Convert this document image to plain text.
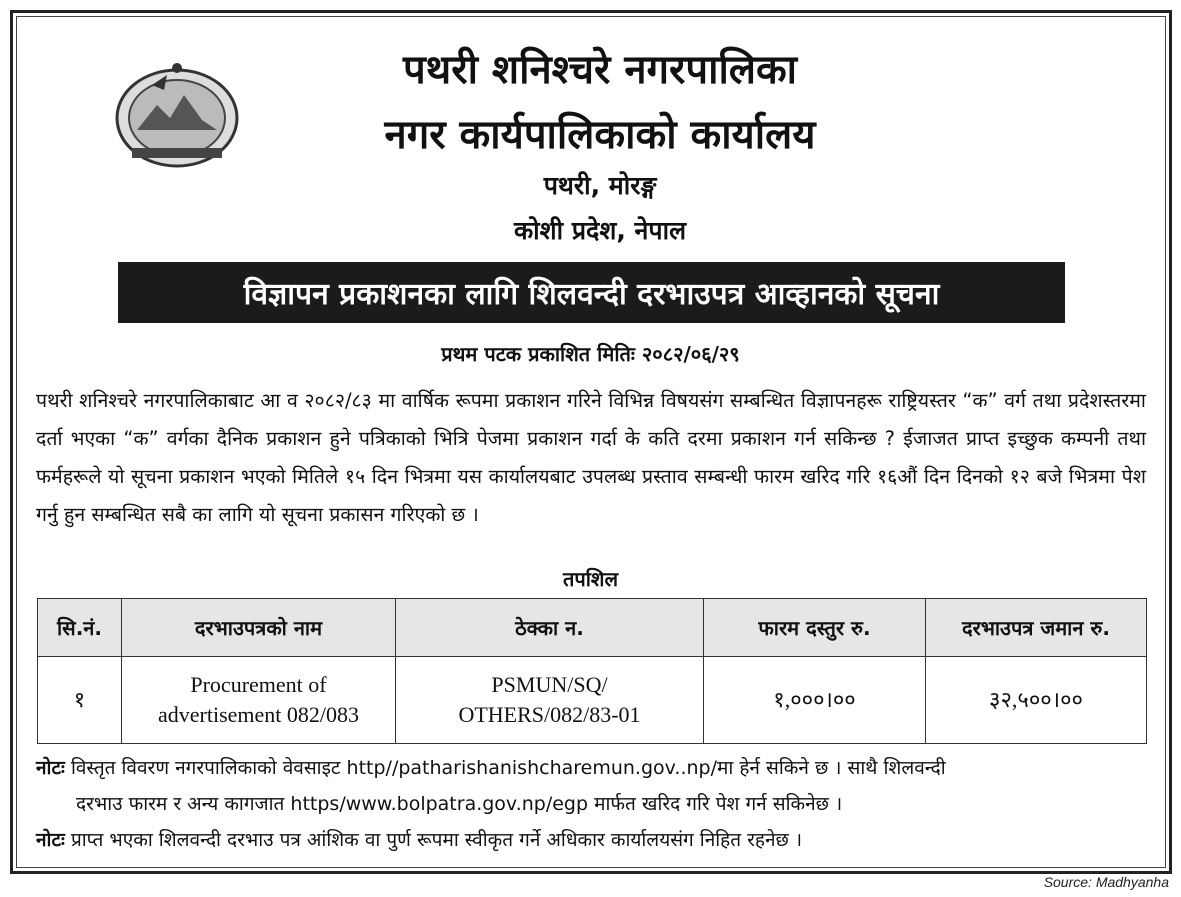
पथरी शनिश्चरे नगरपालिका
नगर कार्यपालिकाको कार्यालय
पथरी, मोरङ्ग
कोशी प्रदेश, नेपाल
विज्ञापन प्रकाशनका लागि शिलवन्दी दरभाउपत्र आव्हानको सूचना
प्रथम पटक प्रकाशित मितिः २०८२/०६/२९
पथरी शनिश्चरे नगरपालिकाबाट आ व २०८२/८३ मा वार्षिक रूपमा प्रकाशन गरिने विभिन्न विषयसंग सम्बन्धित विज्ञापनहरू राष्ट्रियस्तर “क” वर्ग तथा प्रदेशस्तरमा दर्ता भएका “क” वर्गका दैनिक प्रकाशन हुने पत्रिकाको भित्रि पेजमा प्रकाशन गर्दा के कति दरमा प्रकाशन गर्न सकिन्छ ? ईजाजत प्राप्त इच्छुक कम्पनी तथा फर्महरूले यो सूचना प्रकाशन भएको मितिले १५ दिन भित्रमा यस कार्यालयबाट उपलब्ध प्रस्ताव सम्बन्धी फारम खरिद गरि १६औं दिन दिनको १२ बजे भित्रमा पेश गर्नु हुन सम्बन्धित सबै का लागि यो सूचना प्रकासन गरिएको छ ।
तपशिल
सि.नं.	दरभाउपत्रको नाम	ठेक्का न.	फारम दस्तुर रु.	दरभाउपत्र जमान रु.
१	Procurement of advertisement 082/083	PSMUN/SQ/ OTHERS/082/83-01	१,०००।००	३२,५००।००
नोटः विस्तृत विवरण नगरपालिकाको वेवसाइट http//patharishanishcharemun.gov..np/मा हेर्न सकिने छ । साथै शिलवन्दी
दरभाउ फारम र अन्य कागजात https/www.bolpatra.gov.np/egp मार्फत खरिद गरि पेश गर्न सकिनेछ ।
नोटः प्राप्त भएका शिलवन्दी दरभाउ पत्र आंशिक वा पुर्ण रूपमा स्वीकृत गर्ने अधिकार कार्यालयसंग निहित रहनेछ ।
Source: Madhyanha
